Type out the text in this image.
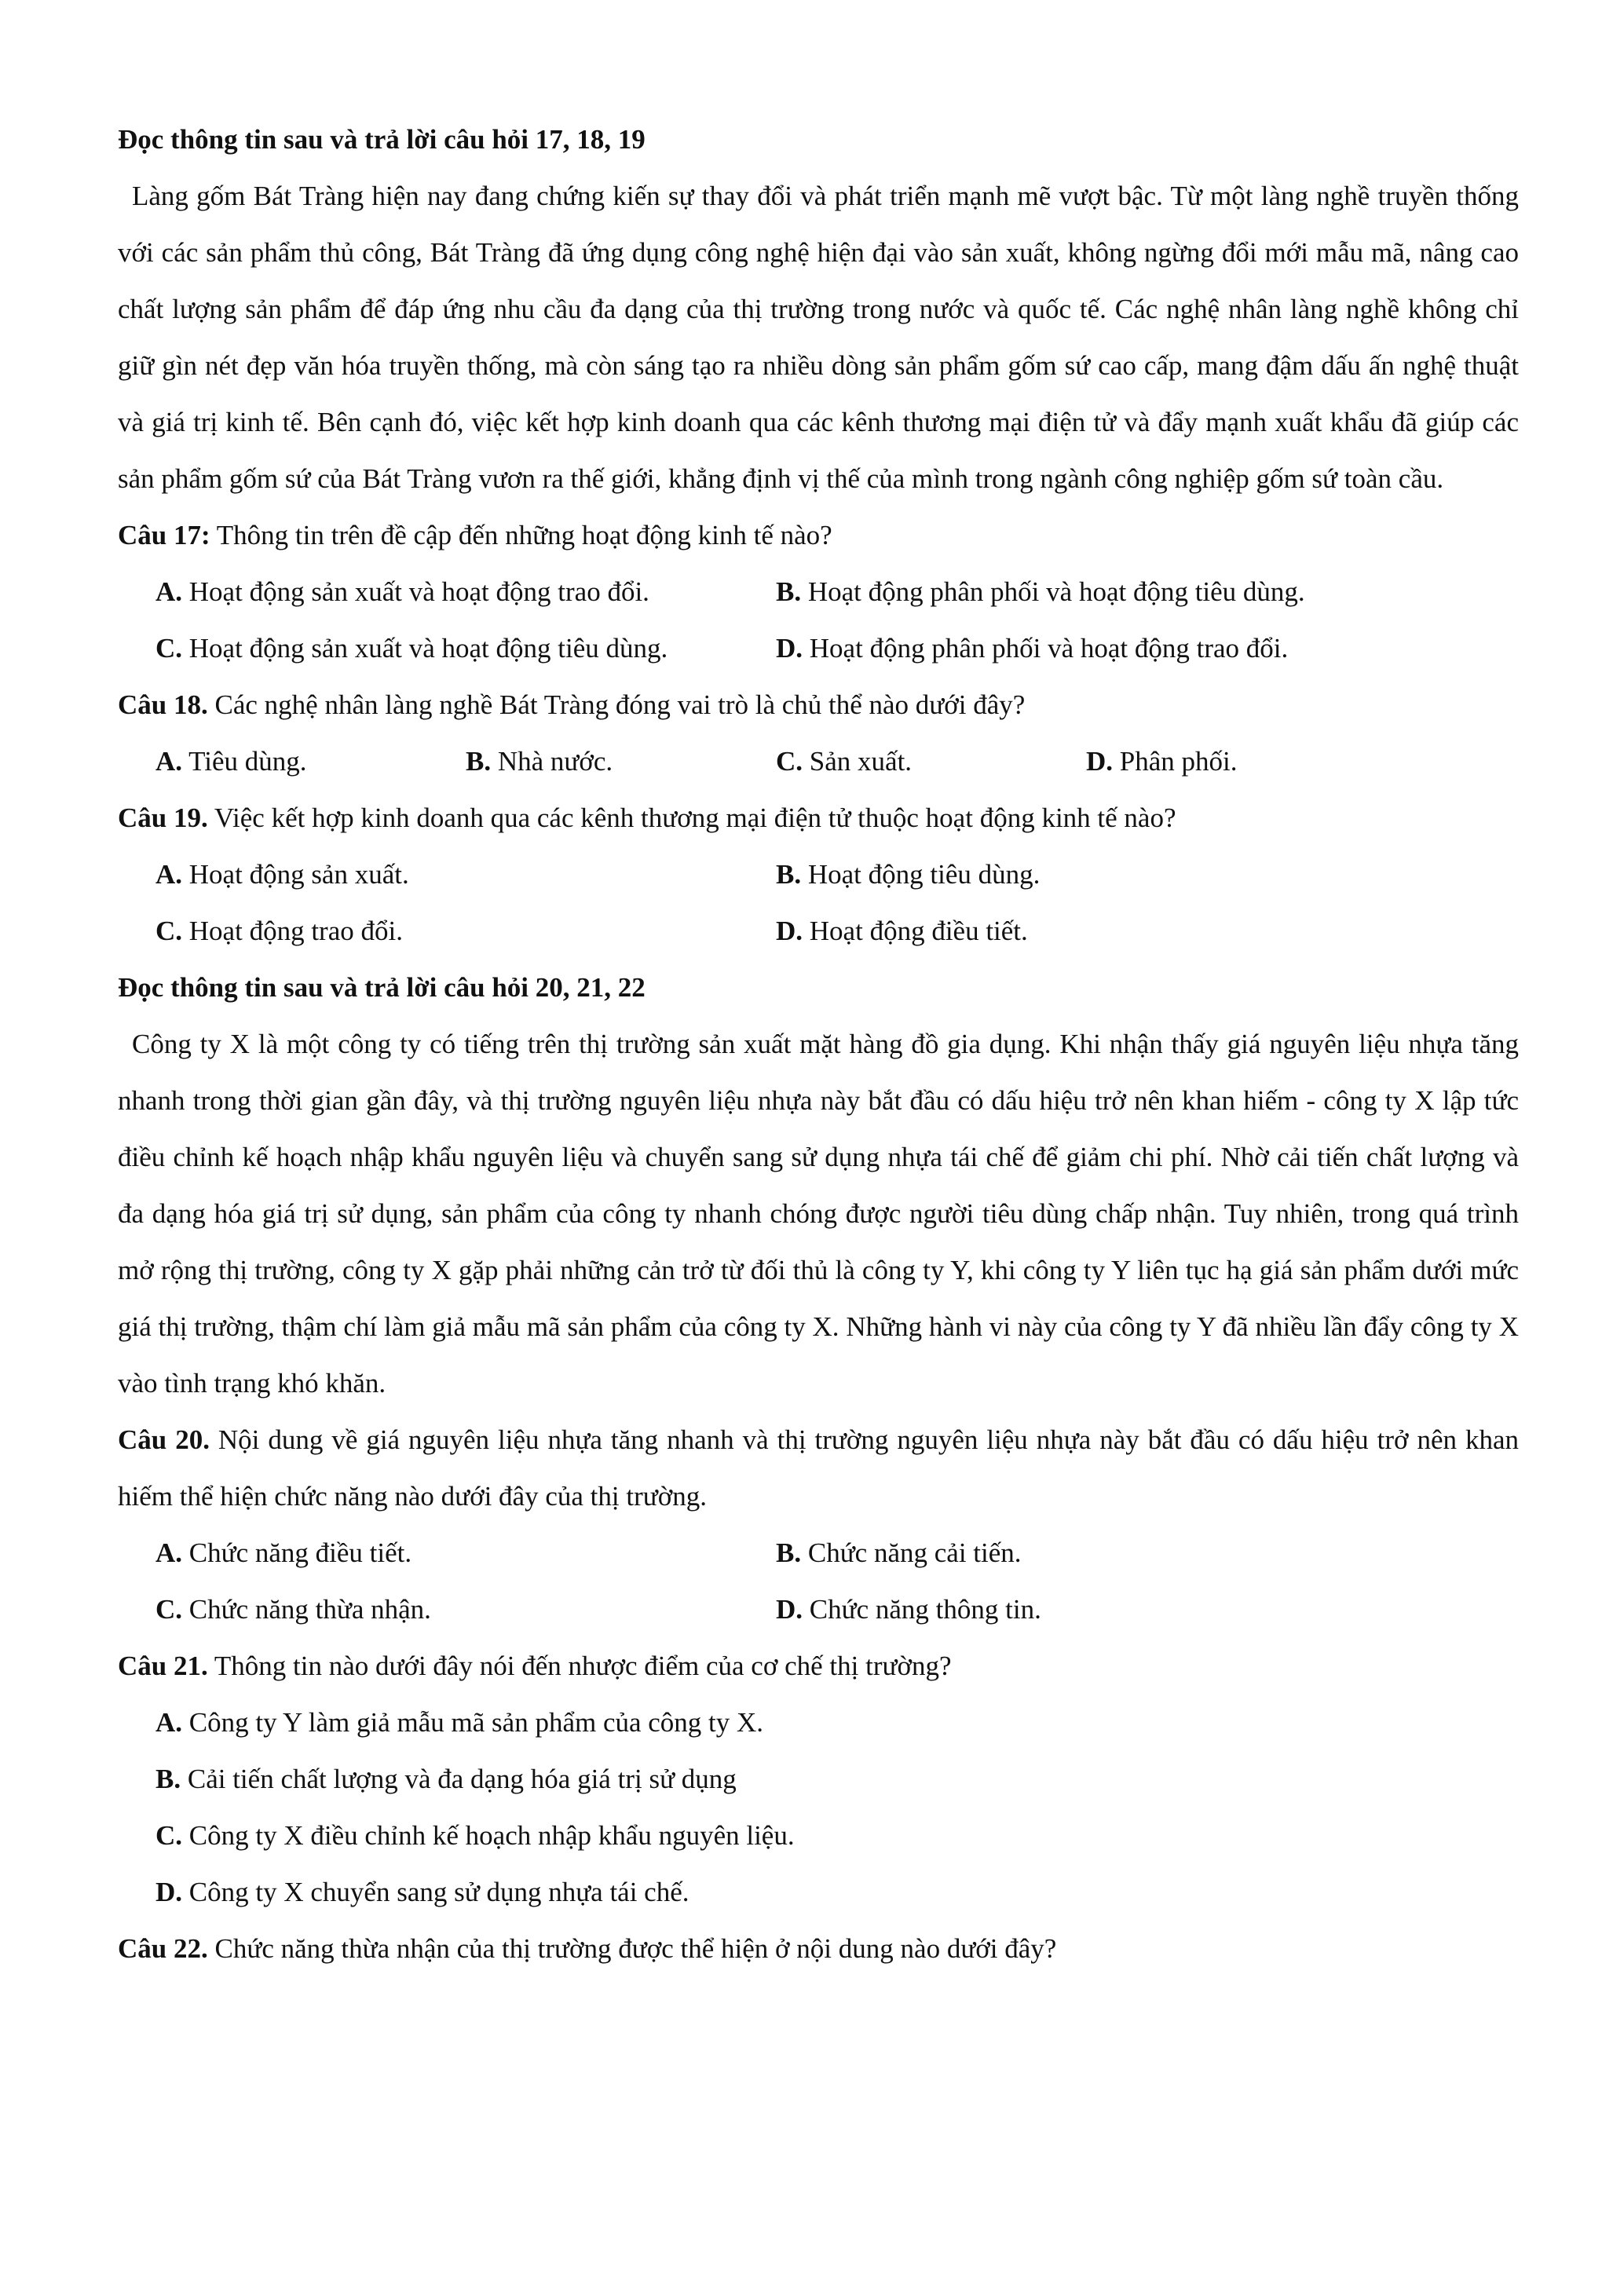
Đọc thông tin sau và trả lời câu hỏi 17, 18, 19

Làng gốm Bát Tràng hiện nay đang chứng kiến sự thay đổi và phát triển mạnh mẽ vượt bậc. Từ một làng nghề truyền thống với các sản phẩm thủ công, Bát Tràng đã ứng dụng công nghệ hiện đại vào sản xuất, không ngừng đổi mới mẫu mã, nâng cao chất lượng sản phẩm để đáp ứng nhu cầu đa dạng của thị trường trong nước và quốc tế. Các nghệ nhân làng nghề không chỉ giữ gìn nét đẹp văn hóa truyền thống, mà còn sáng tạo ra nhiều dòng sản phẩm gốm sứ cao cấp, mang đậm dấu ấn nghệ thuật và giá trị kinh tế. Bên cạnh đó, việc kết hợp kinh doanh qua các kênh thương mại điện tử và đẩy mạnh xuất khẩu đã giúp các sản phẩm gốm sứ của Bát Tràng vươn ra thế giới, khẳng định vị thế của mình trong ngành công nghiệp gốm sứ toàn cầu.

Câu 17: Thông tin trên đề cập đến những hoạt động kinh tế nào?

A. Hoạt động sản xuất và hoạt động trao đổi.	B. Hoạt động phân phối và hoạt động tiêu dùng.
C. Hoạt động sản xuất và hoạt động tiêu dùng.	D. Hoạt động phân phối và hoạt động trao đổi.

Câu 18. Các nghệ nhân làng nghề Bát Tràng đóng vai trò là chủ thể nào dưới đây?

A. Tiêu dùng.	B. Nhà nước.	C. Sản xuất.	D. Phân phối.

Câu 19. Việc kết hợp kinh doanh qua các kênh thương mại điện tử thuộc hoạt động kinh tế nào?

A. Hoạt động sản xuất.	B. Hoạt động tiêu dùng.
C. Hoạt động trao đổi.	D. Hoạt động điều tiết.

Đọc thông tin sau và trả lời câu hỏi 20, 21, 22

Công ty X là một công ty có tiếng trên thị trường sản xuất mặt hàng đồ gia dụng. Khi nhận thấy giá nguyên liệu nhựa tăng nhanh trong thời gian gần đây, và thị trường nguyên liệu nhựa này bắt đầu có dấu hiệu trở nên khan hiếm - công ty X lập tức điều chỉnh kế hoạch nhập khẩu nguyên liệu và chuyển sang sử dụng nhựa tái chế để giảm chi phí. Nhờ cải tiến chất lượng và đa dạng hóa giá trị sử dụng, sản phẩm của công ty nhanh chóng được người tiêu dùng chấp nhận. Tuy nhiên, trong quá trình mở rộng thị trường, công ty X gặp phải những cản trở từ đối thủ là công ty Y, khi công ty Y liên tục hạ giá sản phẩm dưới mức giá thị trường, thậm chí làm giả mẫu mã sản phẩm của công ty X. Những hành vi này của công ty Y đã nhiều lần đẩy công ty X vào tình trạng khó khăn.

Câu 20. Nội dung về giá nguyên liệu nhựa tăng nhanh và thị trường nguyên liệu nhựa này bắt đầu có dấu hiệu trở nên khan hiếm thể hiện chức năng nào dưới đây của thị trường.

A. Chức năng điều tiết.	B. Chức năng cải tiến.
C. Chức năng thừa nhận.	D. Chức năng thông tin.

Câu 21. Thông tin nào dưới đây nói đến nhược điểm của cơ chế thị trường?

A. Công ty Y làm giả mẫu mã sản phẩm của công ty X.
B. Cải tiến chất lượng và đa dạng hóa giá trị sử dụng
C. Công ty X điều chỉnh kế hoạch nhập khẩu nguyên liệu.
D. Công ty X chuyển sang sử dụng nhựa tái chế.

Câu 22. Chức năng thừa nhận của thị trường được thể hiện ở nội dung nào dưới đây?
